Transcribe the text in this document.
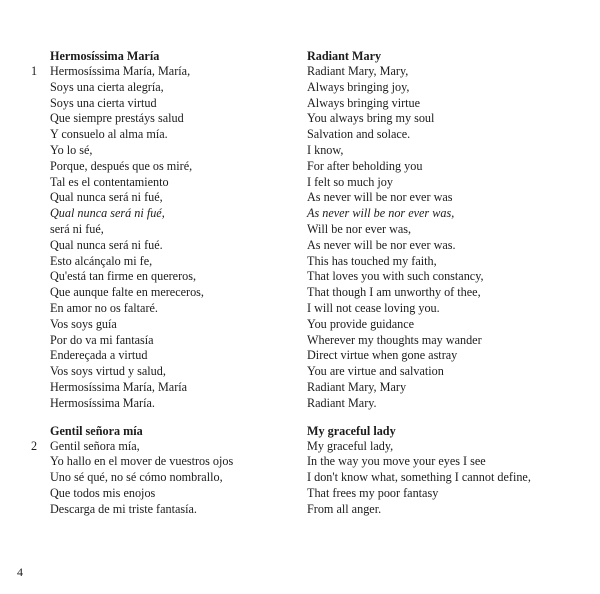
Hermosíssima María
1 Hermosíssima María, María,
Soys una cierta alegría,
Soys una cierta virtud
Que siempre prestáys salud
Y consuelo al alma mía.
Yo lo sé,
Porque, después que os miré,
Tal es el contentamiento
Qual nunca será ni fué,
Qual nunca será ni fué,
será ni fué,
Qual nunca será ni fué.
Esto alcánçalo mi fe,
Qu'está tan firme en quereros,
Que aunque falte en mereceros,
En amor no os faltaré.
Vos soys guía
Por do va mi fantasía
Endereçada a virtud
Vos soys virtud y salud,
Hermosíssima María, María
Hermosíssima María.
Gentil señora mía
2 Gentil señora mía,
Yo hallo en el mover de vuestros ojos
Uno sé qué, no sé cómo nombrallo,
Que todos mis enojos
Descarga de mi triste fantasía.
Radiant Mary
Radiant Mary, Mary,
Always bringing joy,
Always bringing virtue
You always bring my soul
Salvation and solace.
I know,
For after beholding you
I felt so much joy
As never will be nor ever was
As never will be nor ever was,
Will be nor ever was,
As never will be nor ever was.
This has touched my faith,
That loves you with such constancy,
That though I am unworthy of thee,
I will not cease loving you.
You provide guidance
Wherever my thoughts may wander
Direct virtue when gone astray
You are virtue and salvation
Radiant Mary, Mary
Radiant Mary.
My graceful lady
My graceful lady,
In the way you move your eyes I see
I don't know what, something I cannot define,
That frees my poor fantasy
From all anger.
4
